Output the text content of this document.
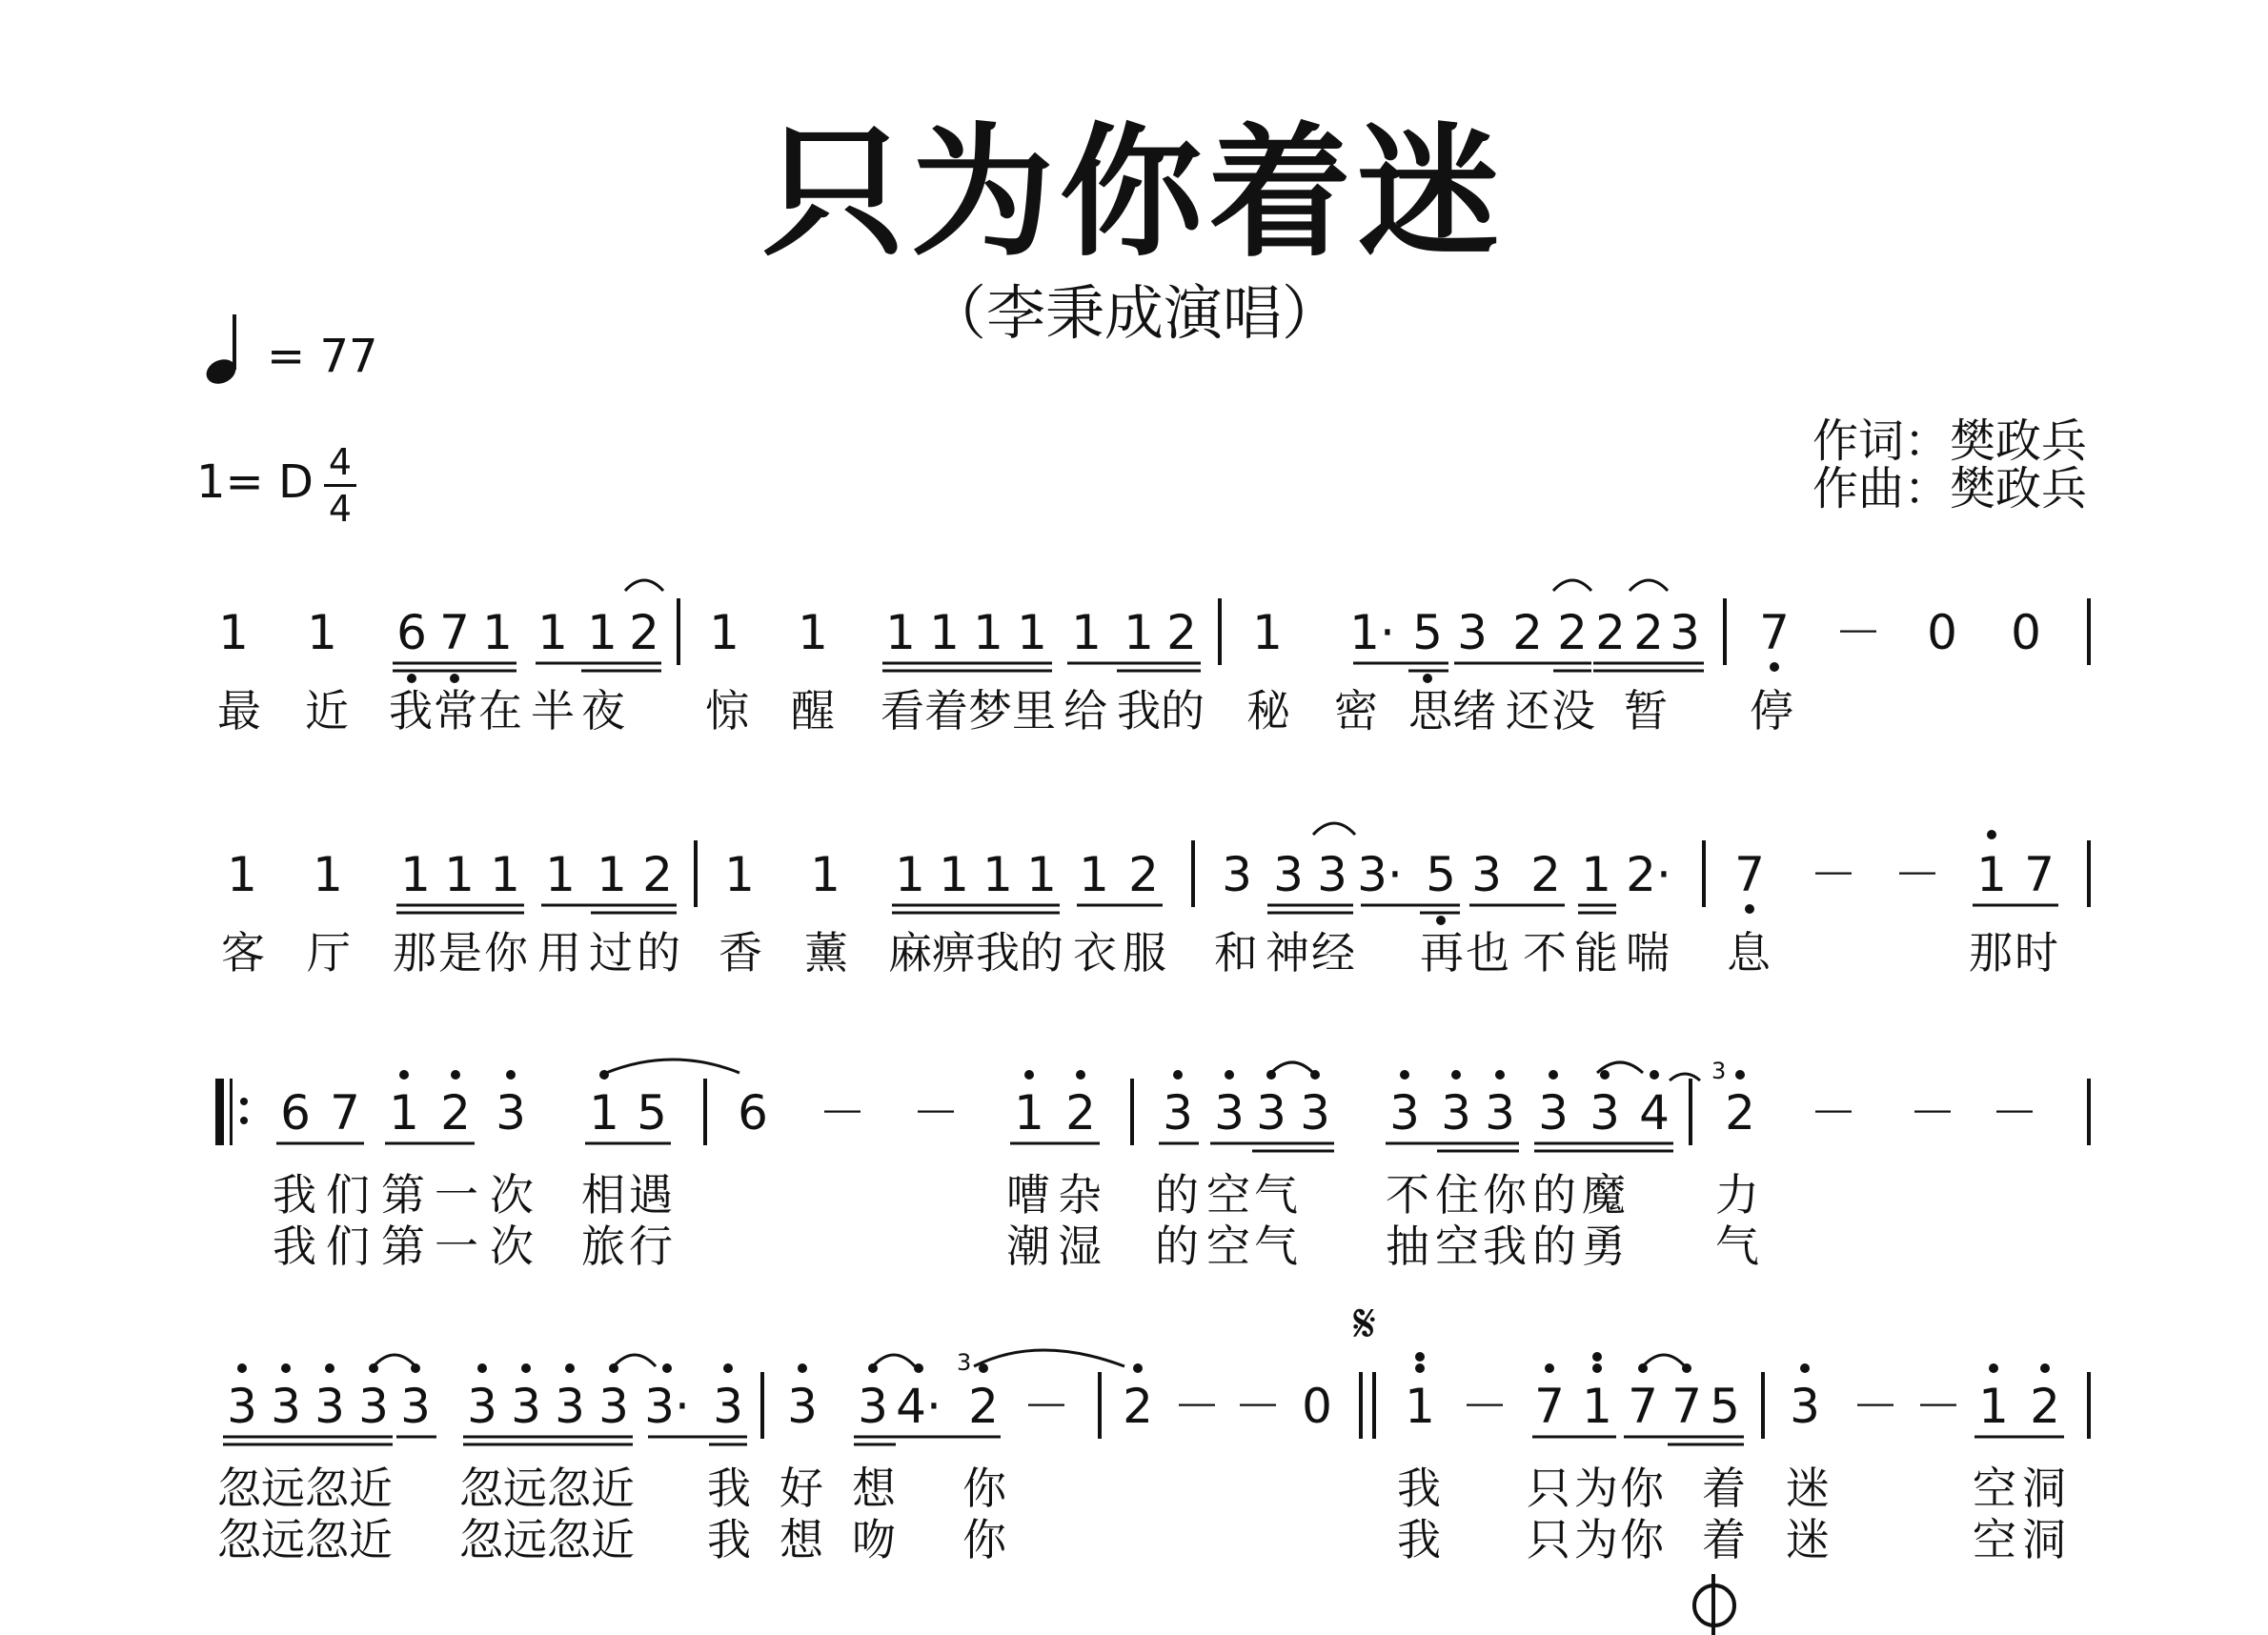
只为你着迷
（李秉成演唱）
= 77
1= D 4
4
作词：樊政兵
作曲：樊政兵
1 1 6 7 1 1 1 2 1 1 1 1 1 1 1 1 2 1 1· 5 3 2 2 2 2 3 7 － 0 0
最 近 我 常 在 半 夜 惊 醒 看 着 梦 里 给 我 的 秘 密 思 绪 还 没 暂 停
1 1 1 1 1 1 1 2 1 1 1 1 1 1 1 2 3 3 3 3· 5 3 2 1 2· 7 － － 1 7
客 厅 那 是 你 用 过 的 香 薰 麻 痹 我 的 衣 服 和 神 经 再 也 不 能 喘 息	那 时
6 7 1 2 3 1 5 6 － － 1 2 3 3 3 3 3 3 3 3 3 4 2 － － －
我 们 第 一 次 相 遇	嘈 杂 的 空 气 不 住 你 的 魔 力
我 们 第 一 次 旅 行	潮 湿 的 空 气 抽 空 我 的 勇 气
𝄋
3 3 3 3 3 3 3 3 3 3· 3 3 3 4· 2 － 2 － － 0 1 － 7 1 7 7 5 3 － － 1 2
忽远忽近 忽远忽近 我 好 想 你	我 只 为 你 着 迷	空 洞
忽远忽近 忽远忽近 我 想 吻 你	我 只 为 你 着 迷	空 洞
3
3
